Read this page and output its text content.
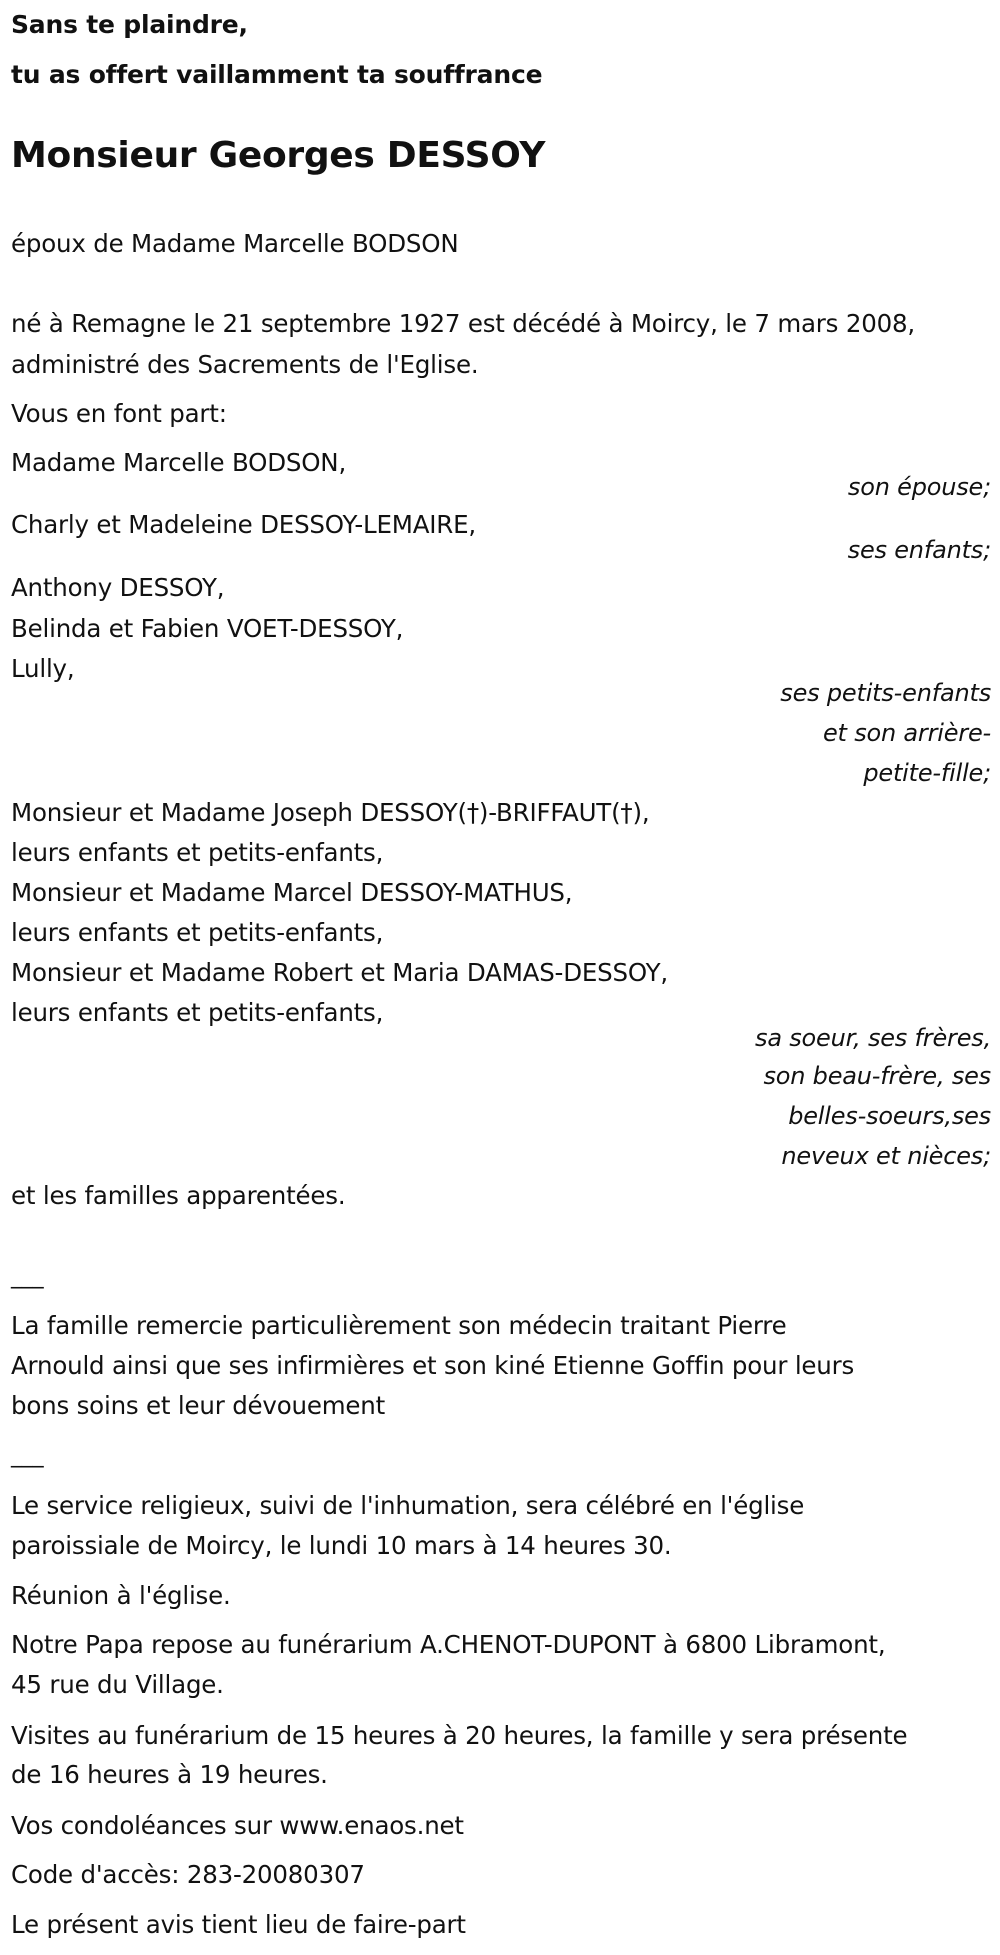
Sans te plaindre,
tu as offert vaillamment ta souffrance
Monsieur Georges DESSOY
époux de Madame Marcelle BODSON
né à Remagne le 21 septembre 1927 est décédé à Moircy, le 7 mars 2008,
administré des Sacrements de l'Eglise.
Vous en font part:
Madame Marcelle BODSON,
son épouse;
Charly et Madeleine DESSOY-LEMAIRE,
ses enfants;
Anthony DESSOY,
Belinda et Fabien VOET-DESSOY,
Lully,
ses petits-enfants
et son arrière-
petite-fille;
Monsieur et Madame Joseph DESSOY(†)-BRIFFAUT(†),
leurs enfants et petits-enfants,
Monsieur et Madame Marcel DESSOY-MATHUS,
leurs enfants et petits-enfants,
Monsieur et Madame Robert et Maria DAMAS-DESSOY,
leurs enfants et petits-enfants,
sa soeur, ses frères,
son beau-frère, ses
belles-soeurs,ses
neveux et nièces;
et les familles apparentées.
___
La famille remercie particulièrement son médecin traitant Pierre
Arnould ainsi que ses infirmières et son kiné Etienne Goffin pour leurs
bons soins et leur dévouement
___
Le service religieux, suivi de l'inhumation, sera célébré en l'église
paroissiale de Moircy, le lundi 10 mars à 14 heures 30.
Réunion à l'église.
Notre Papa repose au funérarium A.CHENOT-DUPONT à 6800 Libramont,
45 rue du Village.
Visites au funérarium de 15 heures à 20 heures, la famille y sera présente
de 16 heures à 19 heures.
Vos condoléances sur www.enaos.net
Code d'accès: 283-20080307
Le présent avis tient lieu de faire-part
